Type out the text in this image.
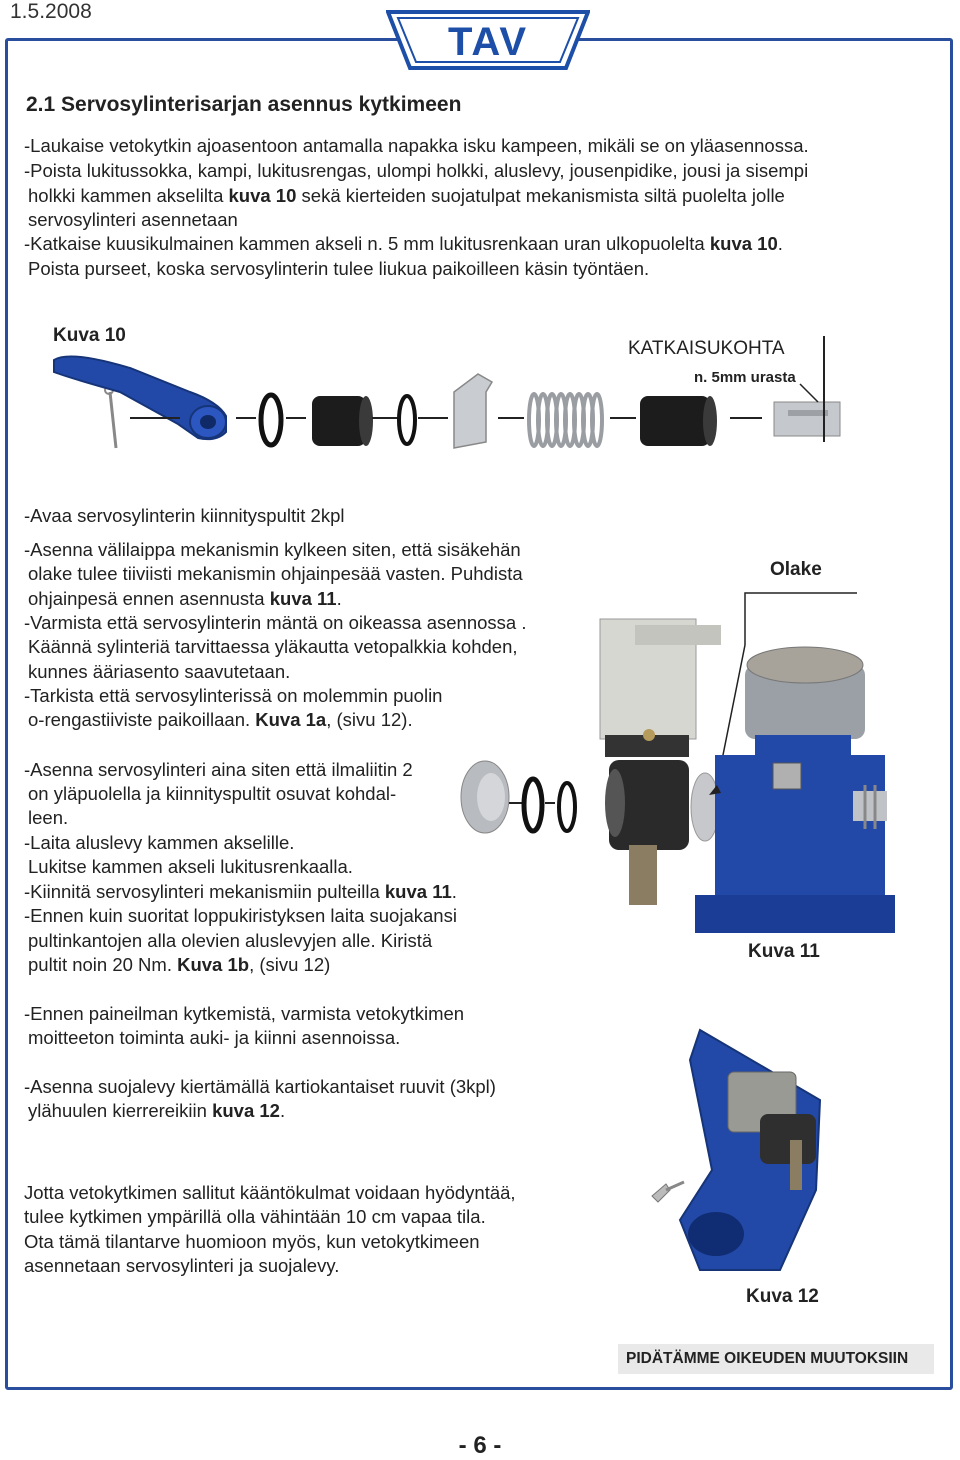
1.5.2008
TAV
2.1 Servosylinterisarjan asennus kytkimeen
-Laukaise vetokytkin ajoasentoon antamalla napakka isku kampeen, mikäli se on yläasennossa.
-Poista lukitussokka, kampi, lukitusrengas, ulompi holkki, aluslevy, jousenpidike, jousi ja sisempi
holkki kammen akselilta kuva 10 sekä kierteiden suojatulpat mekanismista siltä puolelta jolle
servosylinteri asennetaan
-Katkaise kuusikulmainen kammen akseli n. 5 mm lukitusrenkaan uran ulkopuolelta kuva 10.
Poista purseet, koska servosylinterin tulee liukua paikoilleen käsin työntäen.
Kuva 10
KATKAISUKOHTA
n. 5mm urasta
-Avaa servosylinterin kiinnityspultit 2kpl
-Asenna välilaippa mekanismin kylkeen siten, että sisäkehän
olake tulee tiiviisti mekanismin ohjainpesää vasten. Puhdista
ohjainpesä ennen asennusta kuva 11.
-Varmista että servosylinterin mäntä on oikeassa asennossa .
Käännä sylinteriä tarvittaessa yläkautta vetopalkkia kohden,
kunnes ääriasento saavutetaan.
-Tarkista että servosylinterissä on molemmin puolin
o-rengastiiviste paikoillaan. Kuva 1a, (sivu 12).
-Asenna servosylinteri aina siten että ilmaliitin 2
on yläpuolella ja kiinnityspultit osuvat kohdal-
leen.
-Laita aluslevy kammen akselille.
Lukitse kammen akseli lukitusrenkaalla.
-Kiinnitä servosylinteri mekanismiin pulteilla kuva 11.
-Ennen kuin suoritat loppukiristyksen laita suojakansi
pultinkantojen alla olevien aluslevyjen alle. Kiristä
pultit noin 20 Nm. Kuva 1b, (sivu 12)
Olake
Kuva 11
-Ennen paineilman kytkemistä, varmista vetokytkimen
moitteeton toiminta auki- ja kiinni asennoissa.
-Asenna suojalevy kiertämällä kartiokantaiset ruuvit (3kpl)
ylähuulen kierrereikiin kuva 12.
Jotta vetokytkimen sallitut kääntökulmat voidaan hyödyntää,
tulee kytkimen ympärillä olla vähintään 10 cm vapaa tila.
Ota tämä tilantarve huomioon myös, kun vetokytkimeen
asennetaan servosylinteri ja suojalevy.
Kuva 12
PIDÄTÄMME OIKEUDEN MUUTOKSIIN
- 6 -
